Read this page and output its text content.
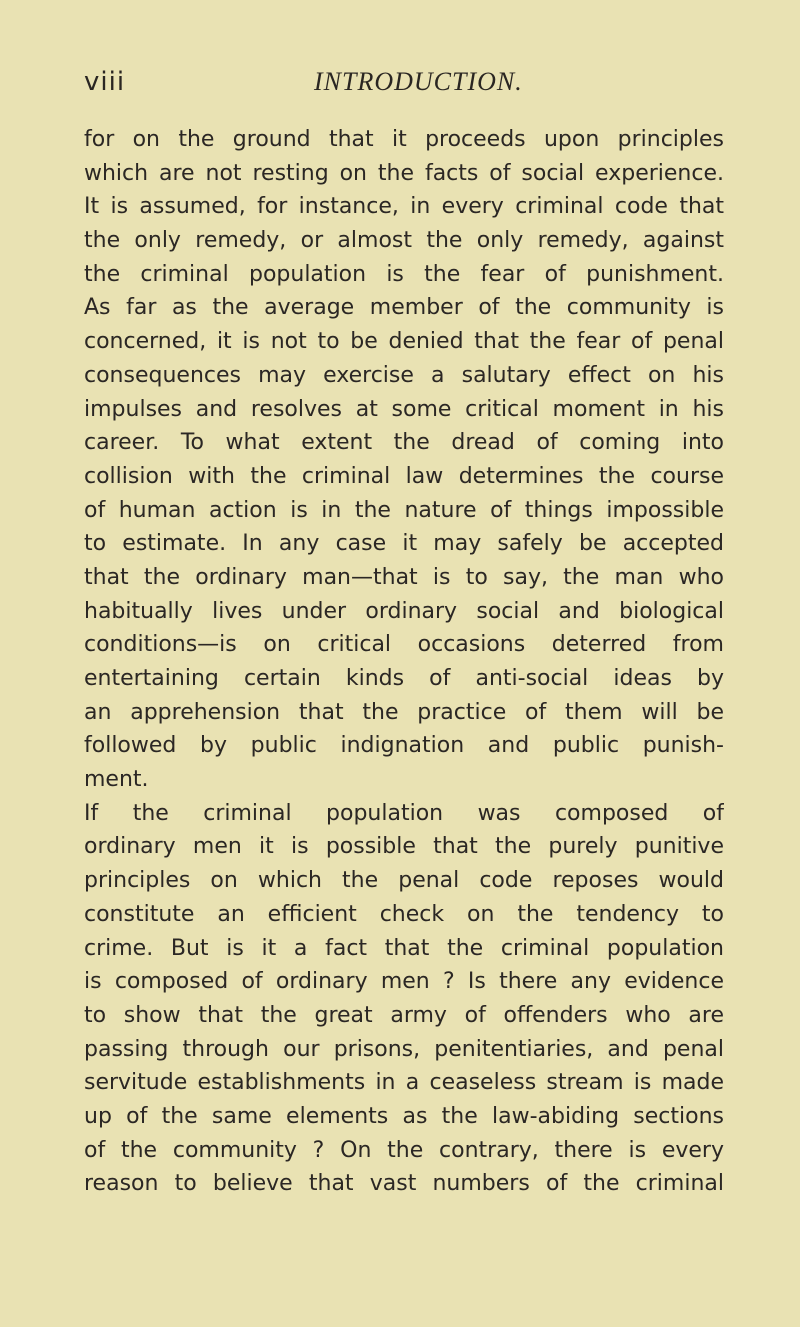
viii	INTRODUCTION.
for on the ground that it proceeds upon principles
which are not resting on the facts of social experience.
It is assumed, for instance, in every criminal code that
the only remedy, or almost the only remedy, against
the criminal population is the fear of punishment.
As far as the average member of the community is
concerned, it is not to be denied that the fear of penal
consequences may exercise a salutary effect on his
impulses and resolves at some critical moment in his
career. To what extent the dread of coming into
collision with the criminal law determines the course
of human action is in the nature of things impossible
to estimate. In any case it may safely be accepted
that the ordinary man—that is to say, the man who
habitually lives under ordinary social and biological
conditions—is on critical occasions deterred from
entertaining certain kinds of anti-social ideas by
an apprehension that the practice of them will be
followed by public indignation and public punish-
ment.
If the criminal population was composed of
ordinary men it is possible that the purely punitive
principles on which the penal code reposes would
constitute an efficient check on the tendency to
crime. But is it a fact that the criminal population
is composed of ordinary men ? Is there any evidence
to show that the great army of offenders who are
passing through our prisons, penitentiaries, and penal
servitude establishments in a ceaseless stream is made
up of the same elements as the law-abiding sections
of the community ? On the contrary, there is every
reason to believe that vast numbers of the criminal
